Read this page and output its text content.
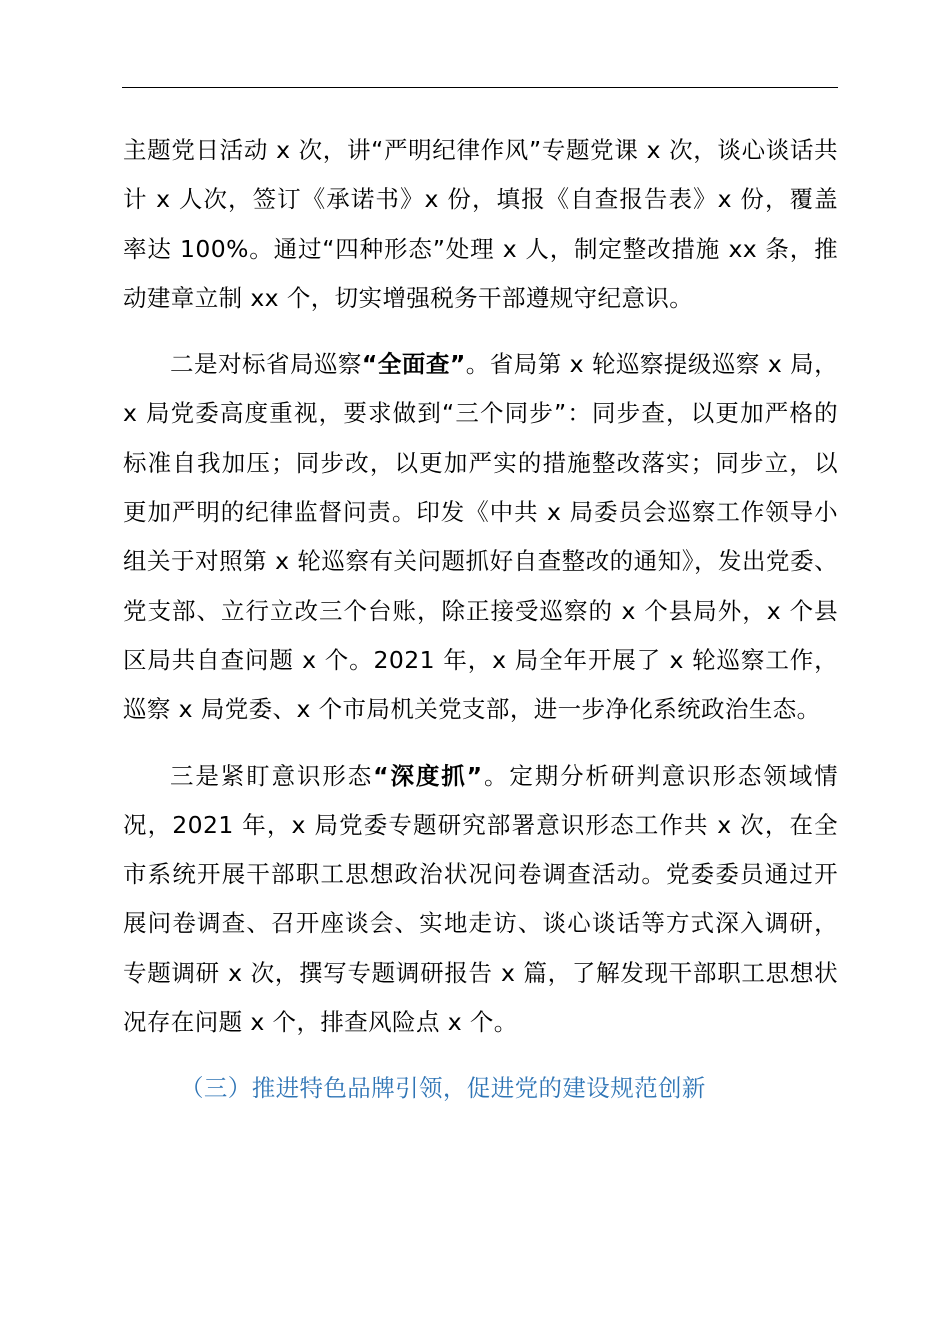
主题党日活动 x 次，讲“严明纪律作风”专题党课 x 次，谈心谈话共计 x 人次，签订《承诺书》x 份，填报《自查报告表》x 份，覆盖率达 100%。通过“四种形态”处理 x 人，制定整改措施 xx 条，推动建章立制 xx 个，切实增强税务干部遵规守纪意识。

二是对标省局巡察“全面查”。省局第 x 轮巡察提级巡察 x 局，x 局党委高度重视，要求做到“三个同步”：同步查，以更加严格的标准自我加压；同步改，以更加严实的措施整改落实；同步立，以更加严明的纪律监督问责。印发《中共 x 局委员会巡察工作领导小组关于对照第 x 轮巡察有关问题抓好自查整改的通知》，发出党委、党支部、立行立改三个台账，除正接受巡察的 x 个县局外，x 个县区局共自查问题 x 个。2021 年，x 局全年开展了 x 轮巡察工作，巡察 x 局党委、x 个市局机关党支部，进一步净化系统政治生态。

三是紧盯意识形态“深度抓”。定期分析研判意识形态领域情况，2021 年，x 局党委专题研究部署意识形态工作共 x 次，在全市系统开展干部职工思想政治状况问卷调查活动。党委委员通过开展问卷调查、召开座谈会、实地走访、谈心谈话等方式深入调研，专题调研 x 次，撰写专题调研报告 x 篇，了解发现干部职工思想状况存在问题 x 个，排查风险点 x 个。

（三）推进特色品牌引领，促进党的建设规范创新
